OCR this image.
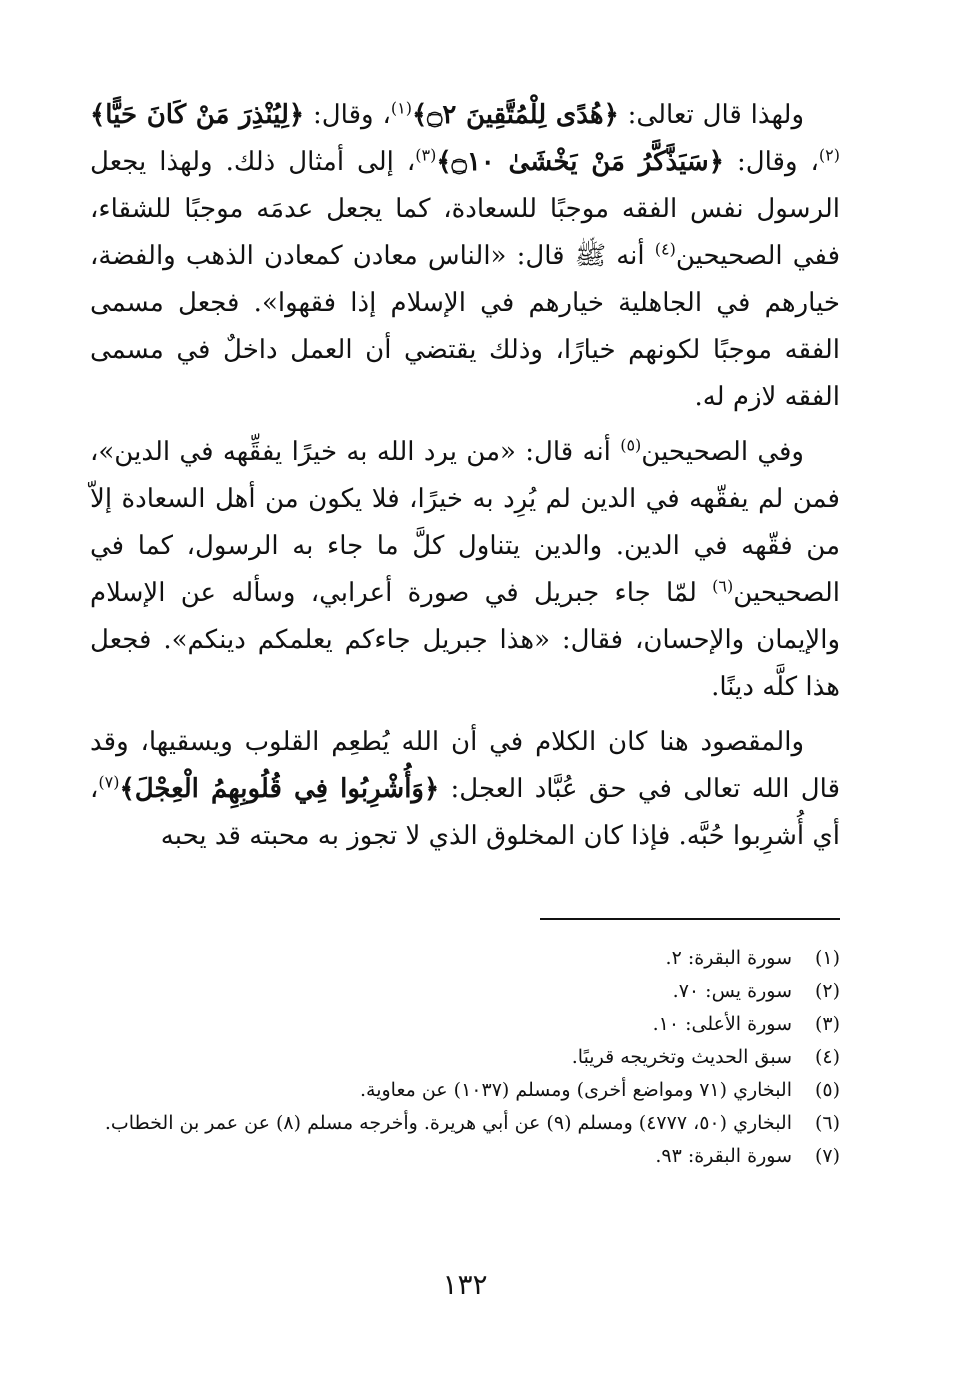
ولهذا قال تعالى: ﴿هُدًى لِلْمُتَّقِينَ ۝٢﴾$^{(١)}$، وقال: ﴿لِيُنْذِرَ مَنْ كَانَ حَيًّا﴾$^{(٢)}$، وقال: ﴿سَيَذَّكَّرُ مَنْ يَخْشَىٰ ۝١٠﴾$^{(٣)}$، إلى أمثال ذلك. ولهذا يجعل الرسول نفس الفقه موجبًا للسعادة، كما يجعل عدمَه موجبًا للشقاء، ففي الصحيحين$^{(٤)}$ أنه ﷺ قال: «الناس معادن كمعادن الذهب والفضة، خيارهم في الجاهلية خيارهم في الإسلام إذا فقهوا». فجعل مسمى الفقه موجبًا لكونهم خيارًا، وذلك يقتضي أن العمل داخلٌ في مسمى الفقه لازم له.

وفي الصحيحين$^{(٥)}$ أنه قال: «من يرد الله به خيرًا يفقِّهه في الدين»، فمن لم يفقّهه في الدين لم يُرِد به خيرًا، فلا يكون من أهل السعادة إلاّ من فقّهه في الدين. والدين يتناول كلَّ ما جاء به الرسول، كما في الصحيحين$^{(٦)}$ لمّا جاء جبريل في صورة أعرابي، وسأله عن الإسلام والإيمان والإحسان، فقال: «هذا جبريل جاءكم يعلمكم دينكم». فجعل هذا كلَّه دينًا.

والمقصود هنا كان الكلام في أن الله يُطعِم القلوب ويسقيها، وقد قال الله تعالى في حق عُبَّاد العجل: ﴿وَأُشْرِبُوا فِي قُلُوبِهِمُ الْعِجْلَ﴾$^{(٧)}$، أي أُشرِبوا حُبَّه. فإذا كان المخلوق الذي لا تجوز به محبته قد يحبه

(١)
سورة البقرة: ٢.
(٢)
سورة يس: ٧٠.
(٣)
سورة الأعلى: ١٠.
(٤)
سبق الحديث وتخريجه قريبًا.
(٥)
البخاري (٧١ ومواضع أخرى) ومسلم (١٠٣٧) عن معاوية.
(٦)
البخاري (٥٠، ٤٧٧٧) ومسلم (٩) عن أبي هريرة. وأخرجه مسلم (٨) عن عمر بن الخطاب.
(٧)
سورة البقرة: ٩٣.
١٣٢
